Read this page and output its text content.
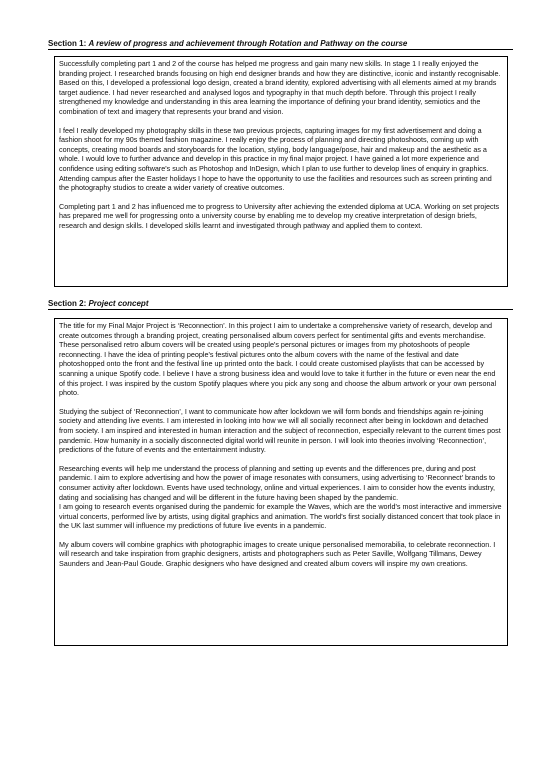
Section 1: A review of progress and achievement through Rotation and Pathway on the course

Successfully completing part 1 and 2 of the course has helped me progress and gain many new skills. In stage 1 I really enjoyed the branding project. I researched brands focusing on high end designer brands and how they are distinctive, iconic and instantly recognisable. Based on this, I developed a professional logo design, created a brand identity, explored advertising with all elements aimed at my brands target audience. I had never researched and analysed logos and typography in that much depth before. Through this project I really strengthened my knowledge and understanding in this area learning the importance of defining your brand identity, semiotics and the combination of text and imagery that represents your brand and vision.

I feel I really developed my photography skills in these two previous projects, capturing images for my first advertisement and doing a fashion shoot for my 90s themed fashion magazine. I really enjoy the process of planning and directing photoshoots, coming up with concepts, creating mood boards and storyboards for the location, styling, body language/pose, hair and makeup and the aesthetic as a whole. I would love to further advance and develop in this practice in my final major project. I have gained a lot more experience and confidence using editing software's such as Photoshop and InDesign, which I plan to use further to develop lines of enquiry in graphics. Attending campus after the Easter holidays I hope to have the opportunity to use the facilities and resources such as screen printing and the photography studios to create a wider variety of creative outcomes.

Completing part 1 and 2 has influenced me to progress to University after achieving the extended diploma at UCA. Working on set projects has prepared me well for progressing onto a university course by enabling me to develop my creative interpretation of design briefs, research and design skills. I developed skills learnt and investigated through pathway and applied them to context.

Section 2: Project concept

The title for my Final Major Project is ‘Reconnection’. In this project I aim to undertake a comprehensive variety of research, develop and create outcomes through a branding project, creating personalised album covers perfect for sentimental gifts and events merchandise. These personalised retro album covers will be created using people's personal pictures or images from my photoshoots of people reconnecting. I have the idea of printing people's festival pictures onto the album covers with the name of the festival and date photoshopped onto the front and the festival line up printed onto the back. I could create customised playlists that can be accessed by scanning a unique Spotify code. I believe I have a strong business idea and would love to take it further in the future or even near the end of this project. I was inspired by the custom Spotify plaques where you pick any song and choose the album artwork or your own personal photo.

Studying the subject of ‘Reconnection’, I want to communicate how after lockdown we will form bonds and friendships again re-joining society and attending live events. I am interested in looking into how we will all socially reconnect after being in lockdown and detached from society. I am inspired and interested in human interaction and the subject of reconnection, especially relevant to the current times post pandemic. How humanity in a socially disconnected digital world will reunite in person. I will look into theories involving ‘Reconnection’, predictions of the future of events and the entertainment industry.

Researching events will help me understand the process of planning and setting up events and the differences pre, during and post pandemic. I aim to explore advertising and how the power of image resonates with consumers, using advertising to ‘Reconnect’ brands to consumer activity after lockdown. Events have used technology, online and virtual experiences. I aim to consider how the events industry, dating and socialising has changed and will be different in the future having been shaped by the pandemic.
I am going to research events organised during the pandemic for example the Waves, which are the world's most interactive and immersive virtual concerts, performed live by artists, using digital graphics and animation. The world's first socially distanced concert that took place in the UK last summer will influence my predictions of future live events in a pandemic.

My album covers will combine graphics with photographic images to create unique personalised memorabilia, to celebrate reconnection. I will research and take inspiration from graphic designers, artists and photographers such as Peter Saville, Wolfgang Tillmans, Dewey Saunders and Jean-Paul Goude. Graphic designers who have designed and created album covers will inspire my own creations.
